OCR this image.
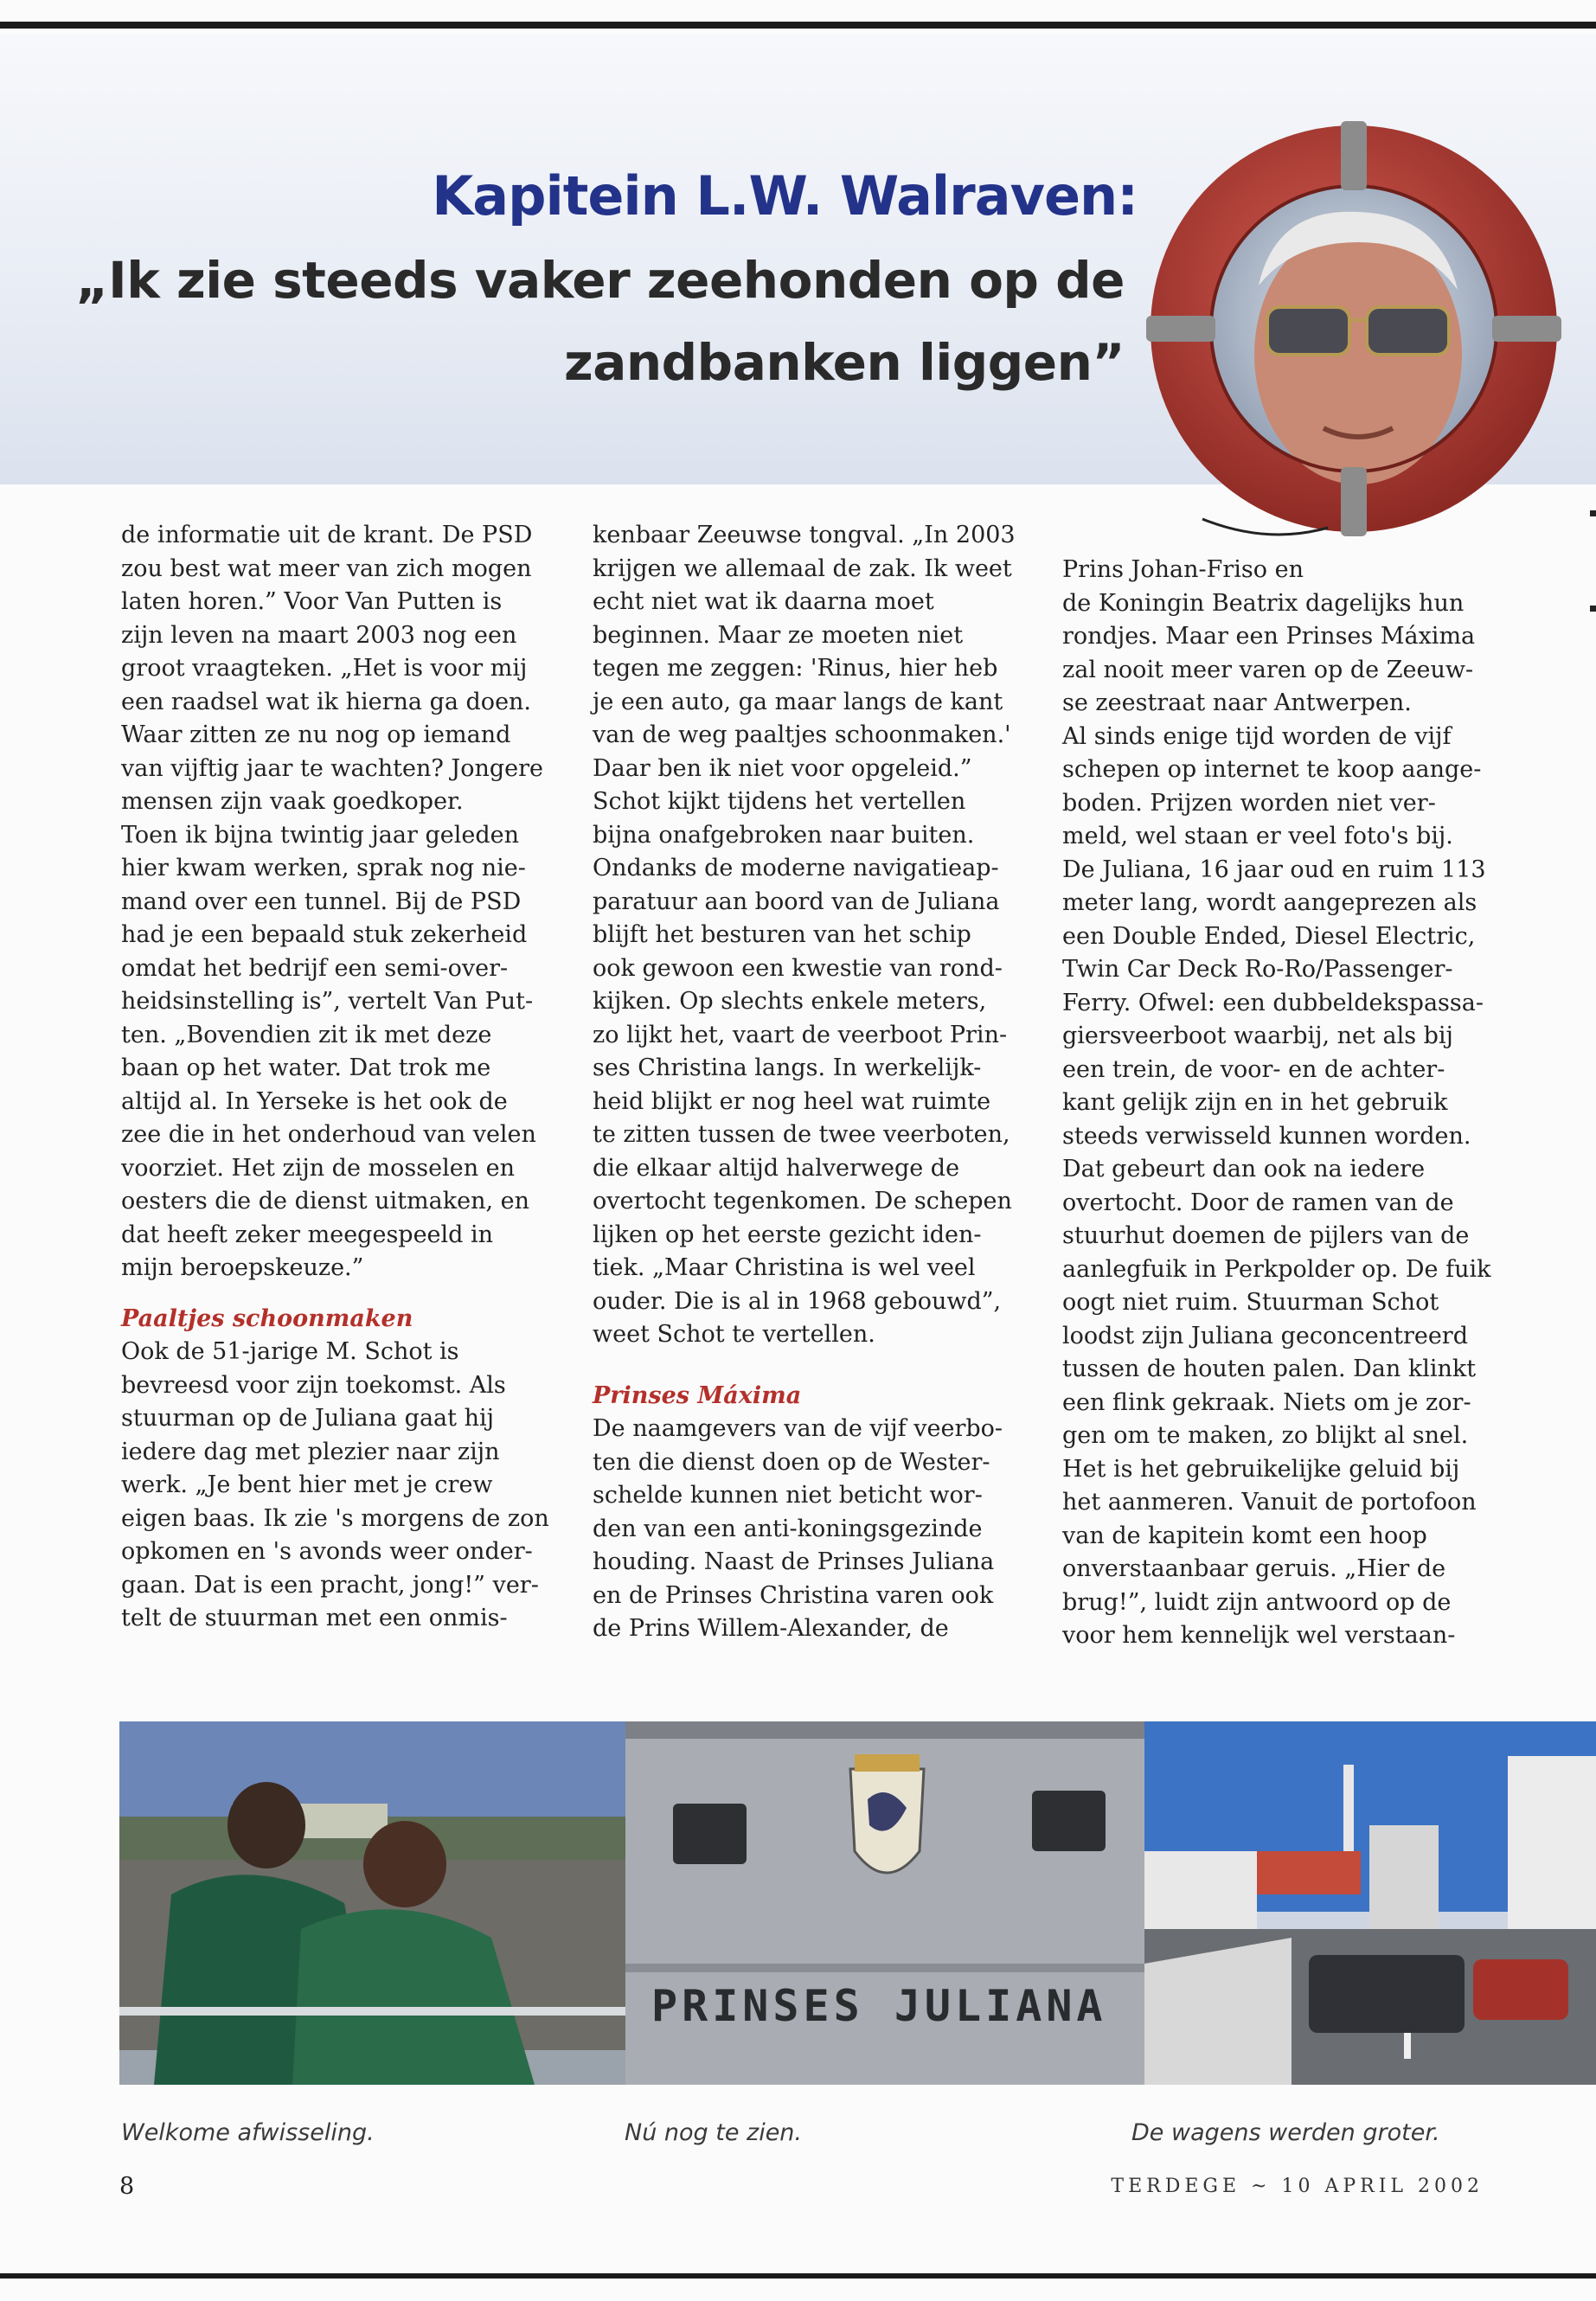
Kapitein L.W. Walraven:
„Ik zie steeds vaker zeehonden op de
zandbanken liggen”

de informatie uit de krant. De PSD

zou best wat meer van zich mogen

laten horen.” Voor Van Putten is

zijn leven na maart 2003 nog een

groot vraagteken. „Het is voor mij

een raadsel wat ik hierna ga doen.

Waar zitten ze nu nog op iemand

van vijftig jaar te wachten? Jongere

mensen zijn vaak goedkoper.

Toen ik bijna twintig jaar geleden

hier kwam werken, sprak nog nie-

mand over een tunnel. Bij de PSD

had je een bepaald stuk zekerheid

omdat het bedrijf een semi-over-

heidsinstelling is”, vertelt Van Put-

ten. „Bovendien zit ik met deze

baan op het water. Dat trok me

altijd al. In Yerseke is het ook de

zee die in het onderhoud van velen

voorziet. Het zijn de mosselen en

oesters die de dienst uitmaken, en

dat heeft zeker meegespeeld in

mijn beroepskeuze.”

Paaltjes schoonmaken

Ook de 51-jarige M. Schot is

bevreesd voor zijn toekomst. Als

stuurman op de Juliana gaat hij

iedere dag met plezier naar zijn

werk. „Je bent hier met je crew

eigen baas. Ik zie 's morgens de zon

opkomen en 's avonds weer onder-

gaan. Dat is een pracht, jong!” ver-

telt de stuurman met een onmis-

kenbaar Zeeuwse tongval. „In 2003

krijgen we allemaal de zak. Ik weet

echt niet wat ik daarna moet

beginnen. Maar ze moeten niet

tegen me zeggen: 'Rinus, hier heb

je een auto, ga maar langs de kant

van de weg paaltjes schoonmaken.'

Daar ben ik niet voor opgeleid.”

Schot kijkt tijdens het vertellen

bijna onafgebroken naar buiten.

Ondanks de moderne navigatieap-

paratuur aan boord van de Juliana

blijft het besturen van het schip

ook gewoon een kwestie van rond-

kijken. Op slechts enkele meters,

zo lijkt het, vaart de veerboot Prin-

ses Christina langs. In werkelijk-

heid blijkt er nog heel wat ruimte

te zitten tussen de twee veerboten,

die elkaar altijd halverwege de

overtocht tegenkomen. De schepen

lijken op het eerste gezicht iden-

tiek. „Maar Christina is wel veel

ouder. Die is al in 1968 gebouwd”,

weet Schot te vertellen.

Prinses Máxima

De naamgevers van de vijf veerbo-

ten die dienst doen op de Wester-

schelde kunnen niet beticht wor-

den van een anti-koningsgezinde

houding. Naast de Prinses Juliana

en de Prinses Christina varen ook

de Prins Willem-Alexander, de

Prins Johan-Friso en

de Koningin Beatrix dagelijks hun

rondjes. Maar een Prinses Máxima

zal nooit meer varen op de Zeeuw-

se zeestraat naar Antwerpen.

Al sinds enige tijd worden de vijf

schepen op internet te koop aange-

boden. Prijzen worden niet ver-

meld, wel staan er veel foto's bij.

De Juliana, 16 jaar oud en ruim 113

meter lang, wordt aangeprezen als

een Double Ended, Diesel Electric,

Twin Car Deck Ro-Ro/Passenger-

Ferry. Ofwel: een dubbeldekspassa-

giersveerboot waarbij, net als bij

een trein, de voor- en de achter-

kant gelijk zijn en in het gebruik

steeds verwisseld kunnen worden.

Dat gebeurt dan ook na iedere

overtocht. Door de ramen van de

stuurhut doemen de pijlers van de

aanlegfuik in Perkpolder op. De fuik

oogt niet ruim. Stuurman Schot

loodst zijn Juliana geconcentreerd

tussen de houten palen. Dan klinkt

een flink gekraak. Niets om je zor-

gen om te maken, zo blijkt al snel.

Het is het gebruikelijke geluid bij

het aanmeren. Vanuit de portofoon

van de kapitein komt een hoop

onverstaanbaar geruis. „Hier de

brug!”, luidt zijn antwoord op de

voor hem kennelijk wel verstaan-

PRINSES JULIANA
Welkome afwisseling.	Nú nog te zien.	De wagens werden groter.
8	TERDEGE ~ 10 APRIL 2002
